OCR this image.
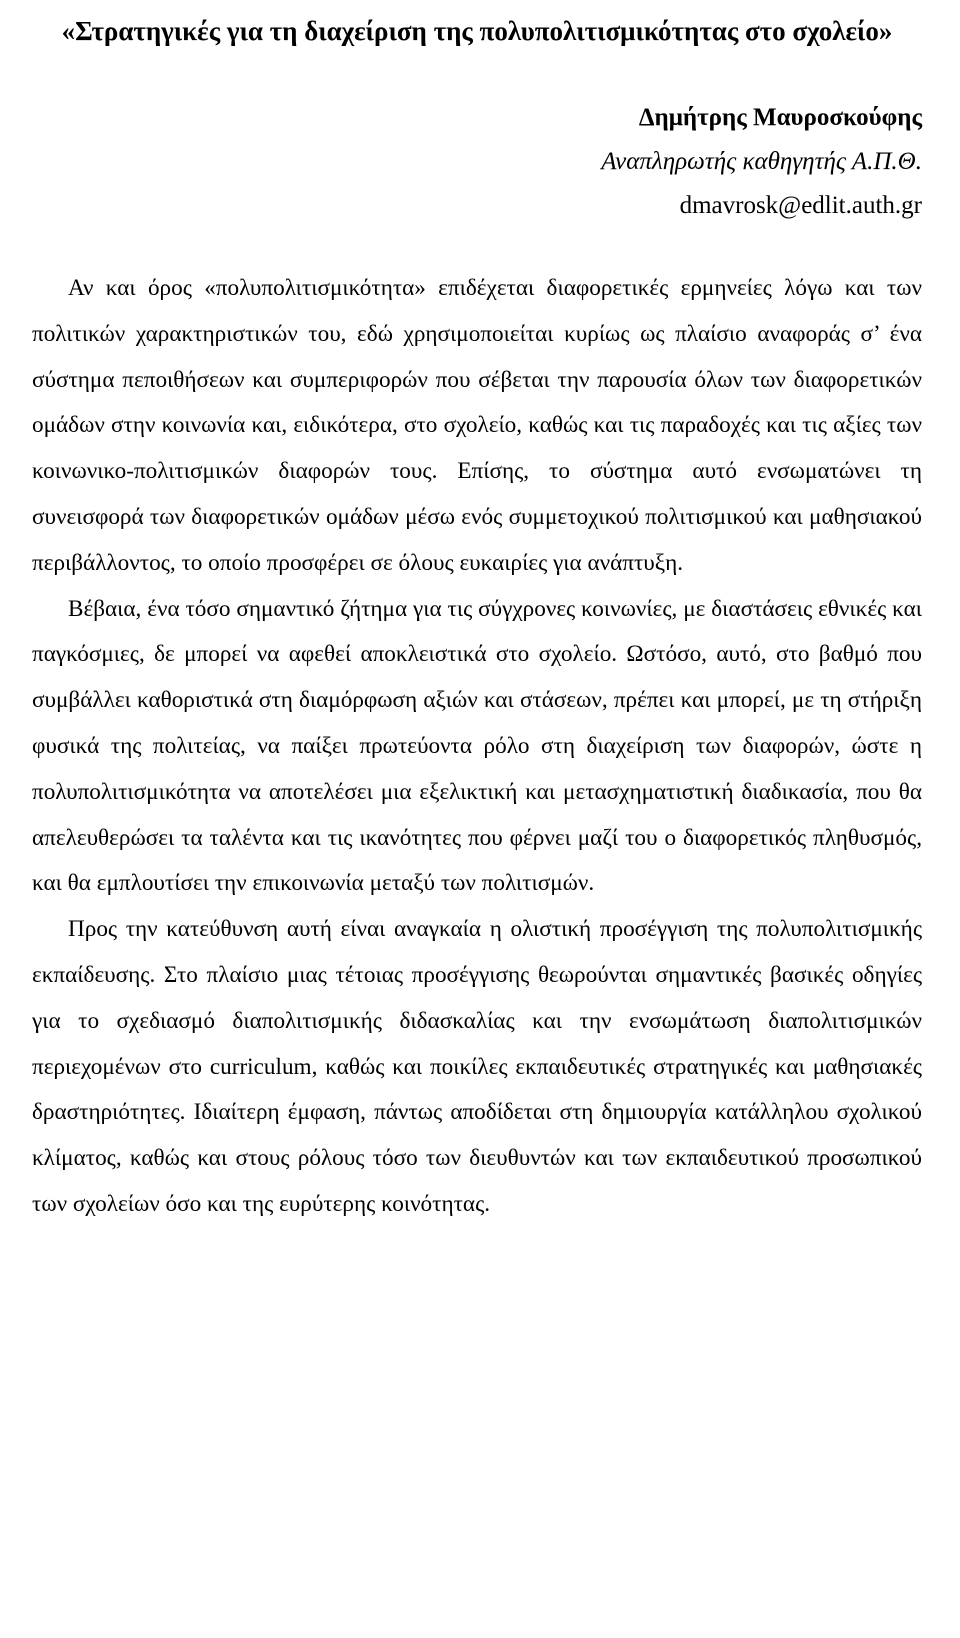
«Στρατηγικές για τη διαχείριση της πολυπολιτισμικότητας στο σχολείο»
Δημήτρης Μαυροσκούφης
Αναπληρωτής καθηγητής Α.Π.Θ.
dmavrosk@edlit.auth.gr

Αν και όρος «πολυπολιτισμικότητα» επιδέχεται διαφορετικές ερμηνείες λόγω και των πολιτικών χαρακτηριστικών του, εδώ χρησιμοποιείται κυρίως ως πλαίσιο αναφοράς σ’ ένα σύστημα πεποιθήσεων και συμπεριφορών που σέβεται την παρουσία όλων των διαφορετικών ομάδων στην κοινωνία και, ειδικότερα, στο σχολείο, καθώς και τις παραδοχές και τις αξίες των κοινωνικο-πολιτισμικών διαφορών τους. Επίσης, το σύστημα αυτό ενσωματώνει τη συνεισφορά των διαφορετικών ομάδων μέσω ενός συμμετοχικού πολιτισμικού και μαθησιακού περιβάλλοντος, το οποίο προσφέρει σε όλους ευκαιρίες για ανάπτυξη.

Βέβαια, ένα τόσο σημαντικό ζήτημα για τις σύγχρονες κοινωνίες, με διαστάσεις εθνικές και παγκόσμιες, δε μπορεί να αφεθεί αποκλειστικά στο σχολείο. Ωστόσο, αυτό, στο βαθμό που συμβάλλει καθοριστικά στη διαμόρφωση αξιών και στάσεων, πρέπει και μπορεί, με τη στήριξη φυσικά της πολιτείας, να παίξει πρωτεύοντα ρόλο στη διαχείριση των διαφορών, ώστε η πολυπολιτισμικότητα να αποτελέσει μια εξελικτική και μετασχηματιστική διαδικασία, που θα απελευθερώσει τα ταλέντα και τις ικανότητες που φέρνει μαζί του ο διαφορετικός πληθυσμός, και θα εμπλουτίσει την επικοινωνία μεταξύ των πολιτισμών.

Προς την κατεύθυνση αυτή είναι αναγκαία η ολιστική προσέγγιση της πολυπολιτισμικής εκπαίδευσης. Στο πλαίσιο μιας τέτοιας προσέγγισης θεωρούνται σημαντικές βασικές οδηγίες για το σχεδιασμό διαπολιτισμικής διδασκαλίας και την ενσωμάτωση διαπολιτισμικών περιεχομένων στο curriculum, καθώς και ποικίλες εκπαιδευτικές στρατηγικές και μαθησιακές δραστηριότητες. Ιδιαίτερη έμφαση, πάντως αποδίδεται στη δημιουργία κατάλληλου σχολικού κλίματος, καθώς και στους ρόλους τόσο των διευθυντών και των εκπαιδευτικού προσωπικού των σχολείων όσο και της ευρύτερης κοινότητας.
